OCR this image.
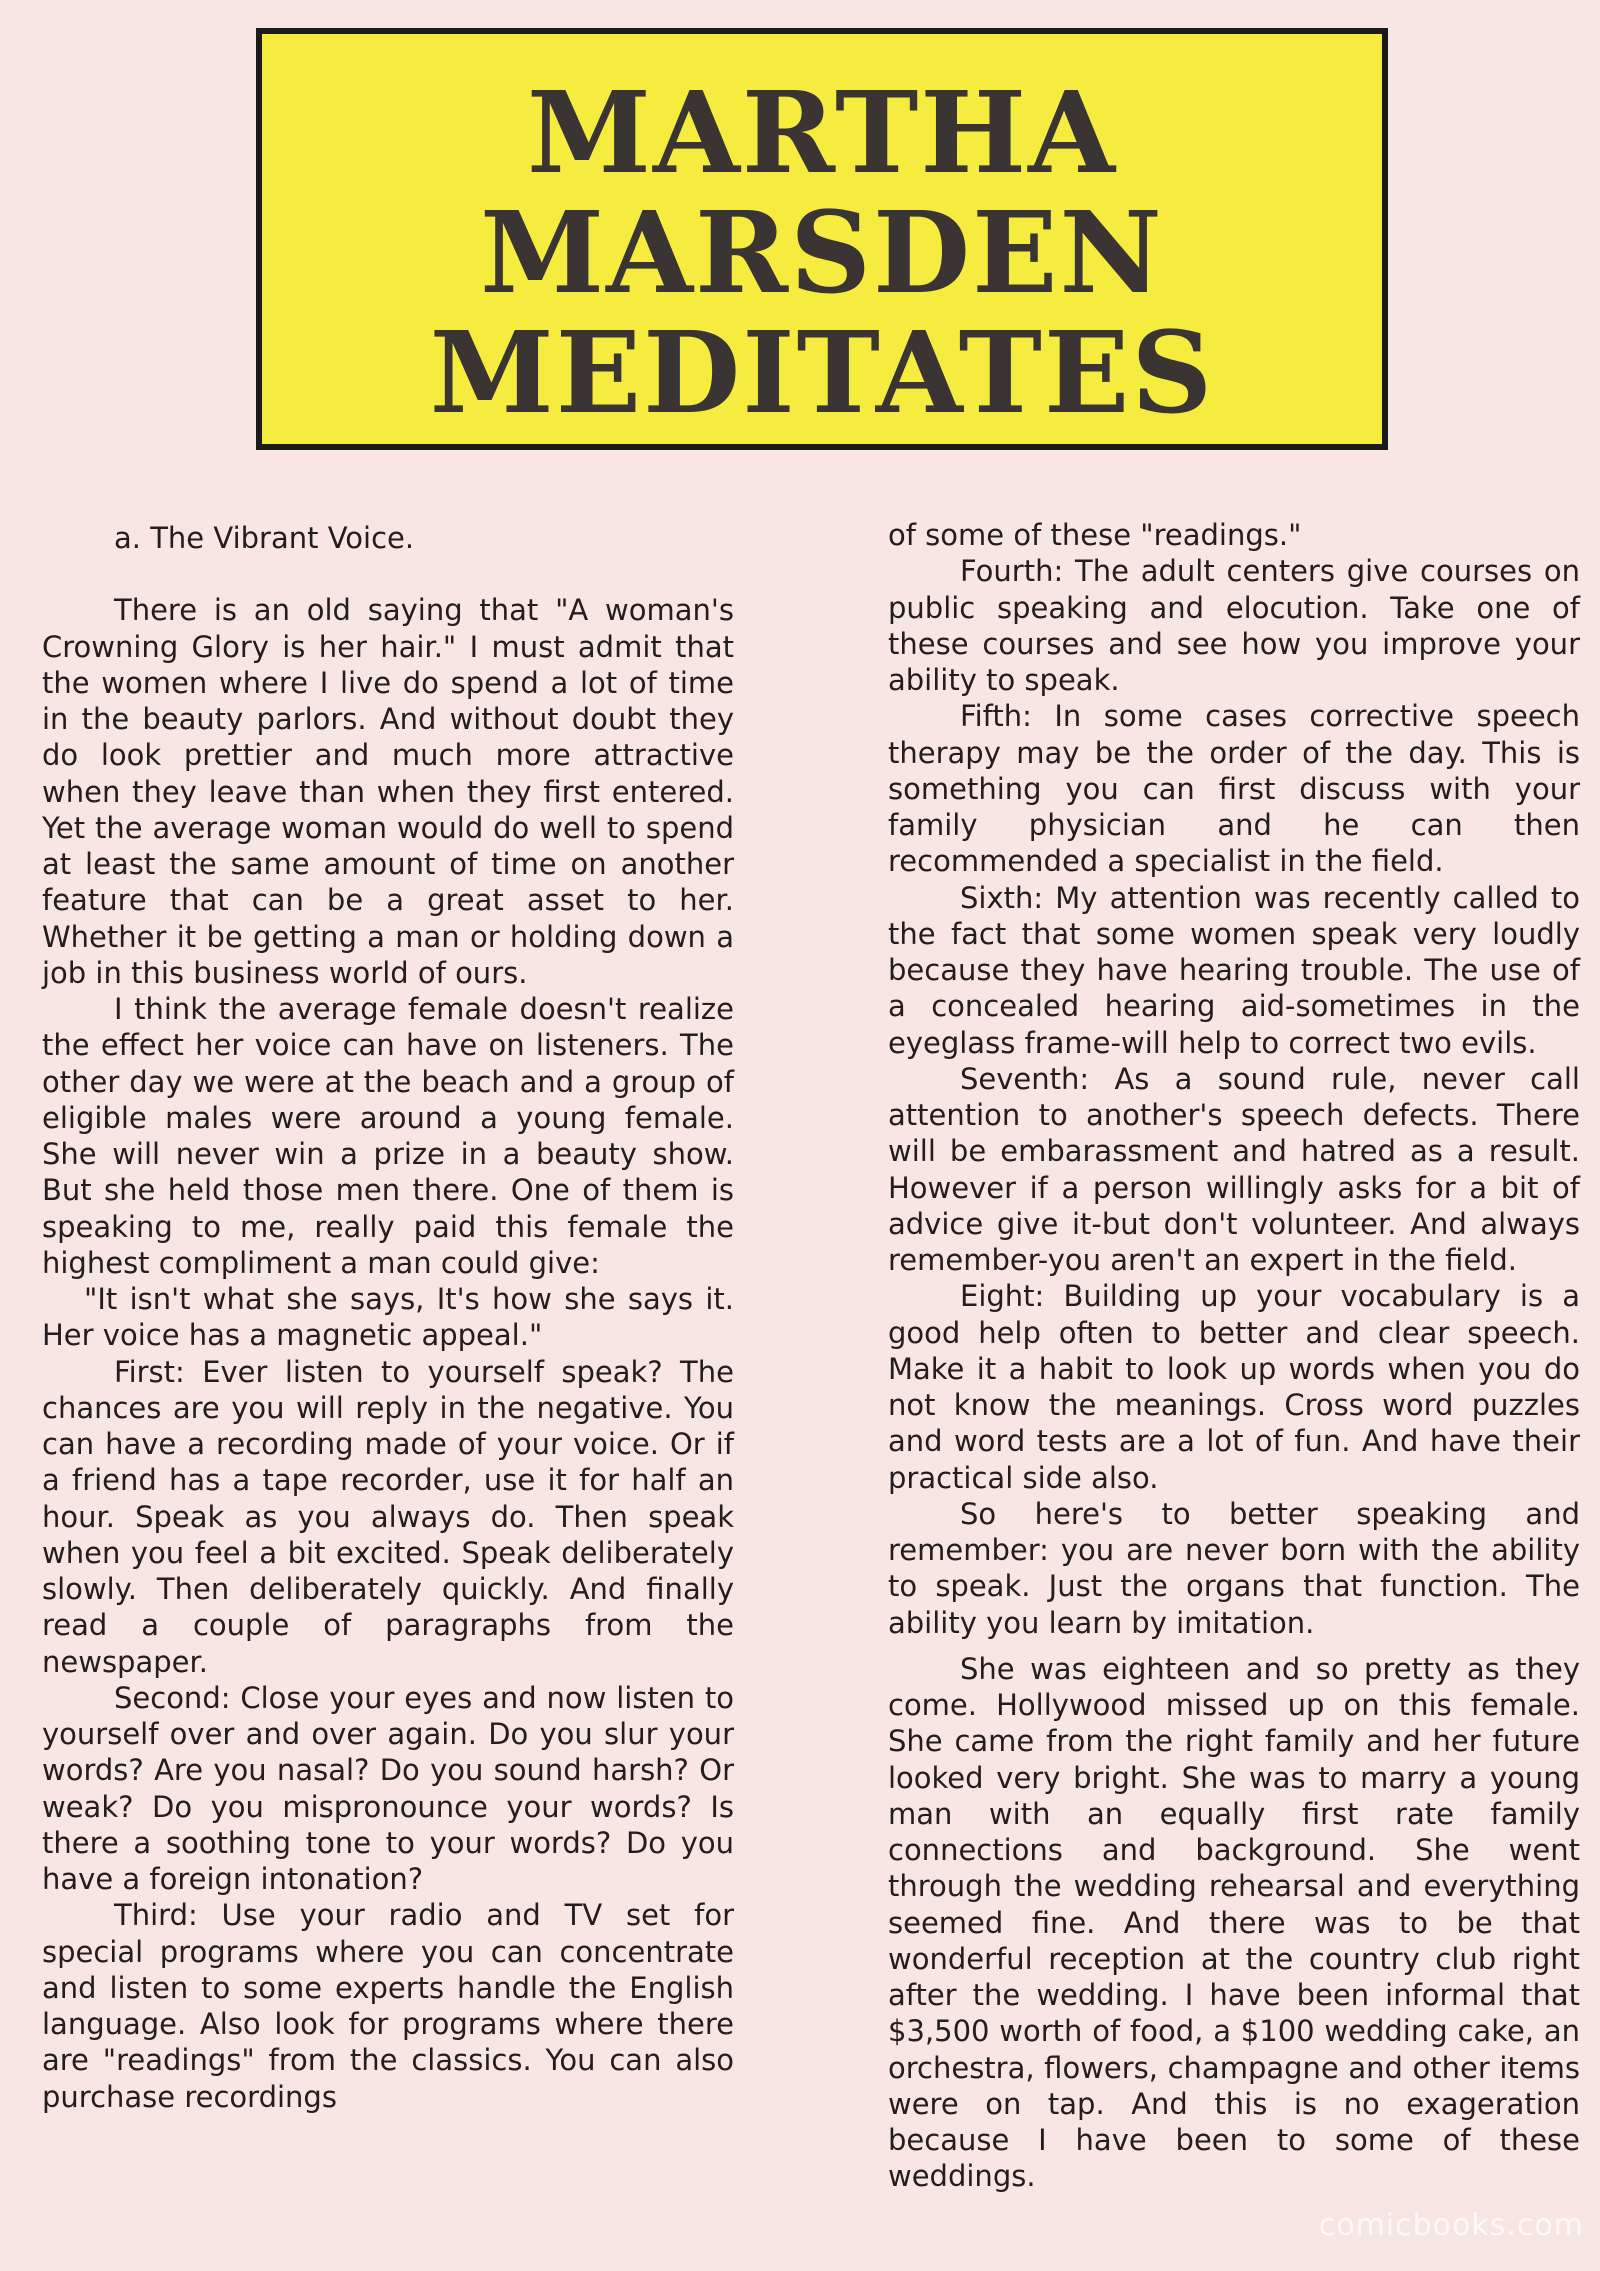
MARTHA
MARSDEN
MEDITATES

a. The Vibrant Voice.

There is an old saying that "A woman's Crowning Glory is her hair." I must admit that the women where I live do spend a lot of time in the beauty parlors. And without doubt they do look prettier and much more attractive when they leave than when they first entered. Yet the average woman would do well to spend at least the same amount of time on another feature that can be a great asset to her. Whether it be getting a man or holding down a job in this business world of ours.

I think the average female doesn't realize the effect her voice can have on listeners. The other day we were at the beach and a group of eligible males were around a young female. She will never win a prize in a beauty show. But she held those men there. One of them is speaking to me, really paid this female the highest compliment a man could give:

"It isn't what she says, It's how she says it. Her voice has a magnetic appeal."

First: Ever listen to yourself speak? The chances are you will reply in the negative. You can have a recording made of your voice. Or if a friend has a tape recorder, use it for half an hour. Speak as you always do. Then speak when you feel a bit excited. Speak deliberately slowly. Then deliberately quickly. And finally read a couple of paragraphs from the newspaper.

Second: Close your eyes and now listen to yourself over and over again. Do you slur your words? Are you nasal? Do you sound harsh? Or weak? Do you mispronounce your words? Is there a soothing tone to your words? Do you have a foreign intonation?

Third: Use your radio and TV set for special programs where you can concentrate and listen to some experts handle the English language. Also look for programs where there are "readings" from the classics. You can also purchase recordings

of some of these "readings."

Fourth: The adult centers give courses on public speaking and elocution. Take one of these courses and see how you improve your ability to speak.

Fifth: In some cases corrective speech therapy may be the order of the day. This is something you can first discuss with your family physician and he can then recommended a specialist in the field.

Sixth: My attention was recently called to the fact that some women speak very loudly because they have hearing trouble. The use of a concealed hearing aid-sometimes in the eyeglass frame-will help to correct two evils.

Seventh: As a sound rule, never call attention to another's speech defects. There will be embarassment and hatred as a result. However if a person willingly asks for a bit of advice give it-but don't volunteer. And always remember-you aren't an expert in the field.

Eight: Building up your vocabulary is a good help often to better and clear speech. Make it a habit to look up words when you do not know the meanings. Cross word puzzles and word tests are a lot of fun. And have their practical side also.

So here's to better speaking and remember: you are never born with the ability to speak. Just the organs that function. The ability you learn by imitation.

She was eighteen and so pretty as they come. Hollywood missed up on this female. She came from the right family and her future looked very bright. She was to marry a young man with an equally first rate family connections and background. She went through the wedding rehearsal and everything seemed fine. And there was to be that wonderful reception at the country club right after the wedding. I have been informal that $3,500 worth of food, a $100 wedding cake, an orchestra, flowers, champagne and other items were on tap. And this is no exageration because I have been to some of these weddings.

comicbooks.com
